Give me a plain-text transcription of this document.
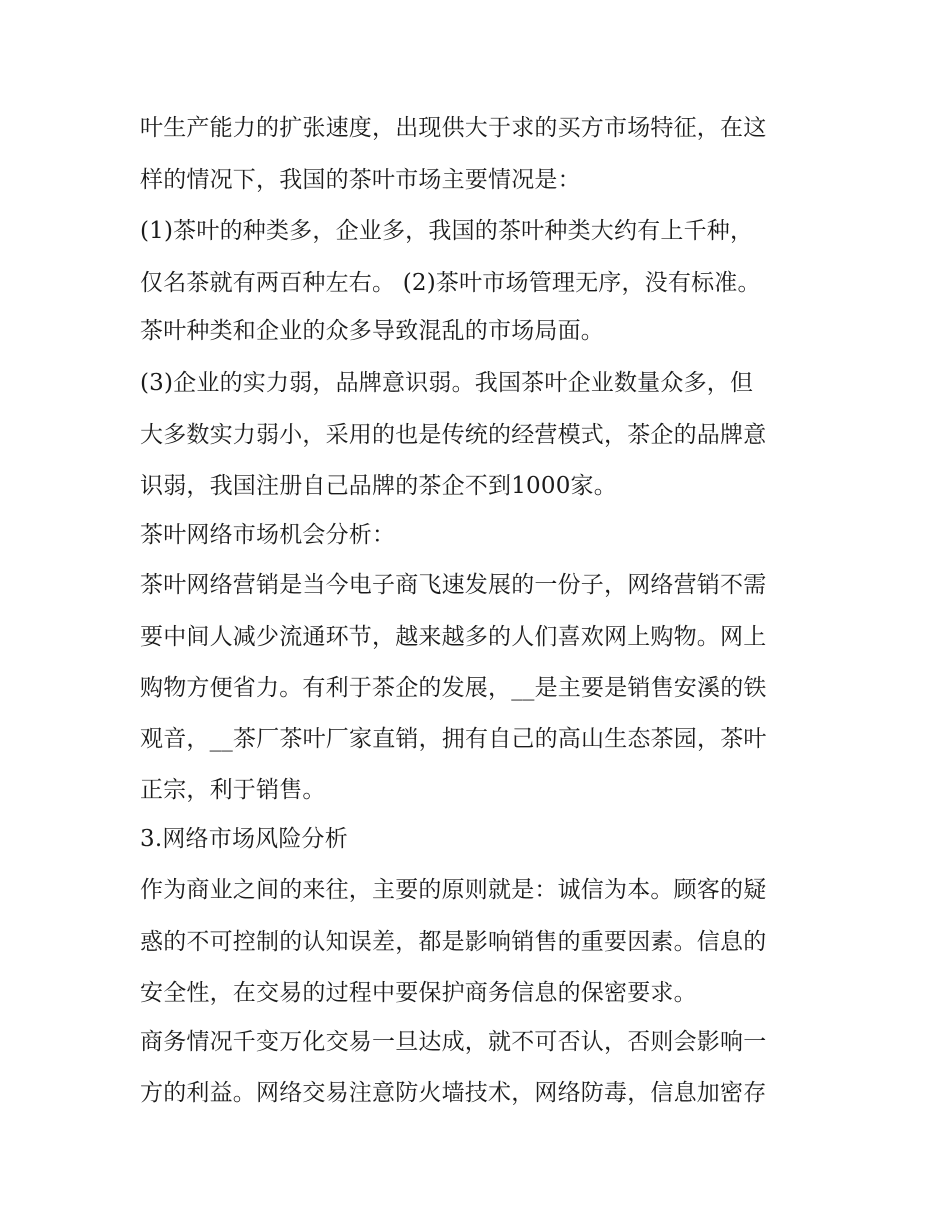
叶生产能力的扩张速度，出现供大于求的买方市场特征，在这
样的情况下，我国的茶叶市场主要情况是：
(1)茶叶的种类多，企业多，我国的茶叶种类大约有上千种，
仅名茶就有两百种左右。 (2)茶叶市场管理无序，没有标准。
茶叶种类和企业的众多导致混乱的市场局面。
(3)企业的实力弱，品牌意识弱。我国茶叶企业数量众多，但
大多数实力弱小，采用的也是传统的经营模式，茶企的品牌意
识弱，我国注册自己品牌的茶企不到1000家。
茶叶网络市场机会分析：
茶叶网络营销是当今电子商飞速发展的一份子，网络营销不需
要中间人减少流通环节，越来越多的人们喜欢网上购物。网上
购物方便省力。有利于茶企的发展，__是主要是销售安溪的铁
观音，__茶厂茶叶厂家直销，拥有自己的高山生态茶园，茶叶
正宗，利于销售。
3.网络市场风险分析
作为商业之间的来往，主要的原则就是：诚信为本。顾客的疑
惑的不可控制的认知误差，都是影响销售的重要因素。信息的
安全性，在交易的过程中要保护商务信息的保密要求。
商务情况千变万化交易一旦达成，就不可否认，否则会影响一
方的利益。网络交易注意防火墙技术，网络防毒，信息加密存
